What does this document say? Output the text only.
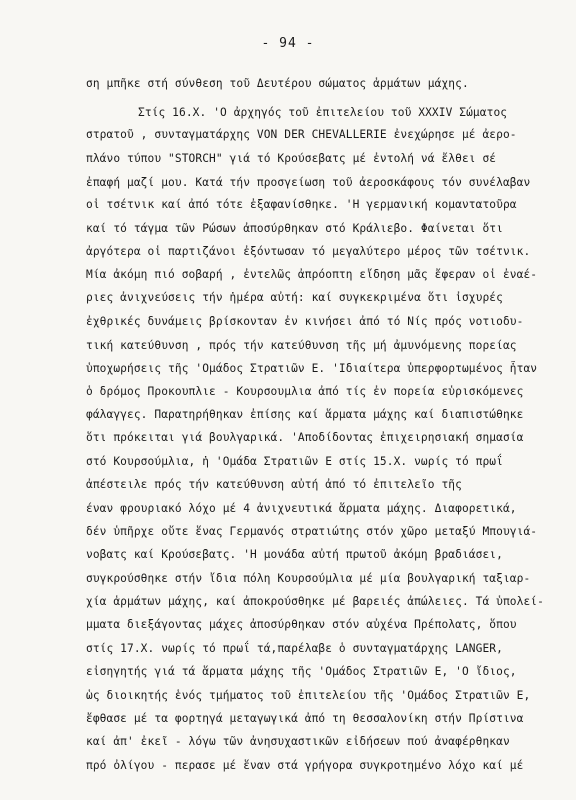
- 94 -
ση μπῆκε στή σύνθεση τοῦ Δευτέρου σώματος ἁρμάτων μάχης.
Στίς 16.Χ. 'Ο ἀρχηγός τοῦ ἐπιτελείου τοῦ XXXIV Σώματος
στρατοῦ , συνταγματάρχης VON DER CHEVALLERIE ἐνεχώρησε μέ ἀερο-
πλάνο τύπου "STORCH" γιά τό Κρούσεβατς μέ ἐντολή νά ἔλθει σέ
ἐπαφή μαζί μου. Κατά τήν προσγείωση τοῦ ἀεροσκάφους τόν συνέλαβαν
οἱ τσέτνικ καί ἀπό τότε ἐξαφανίσθηκε. 'Η γερμανική κομαντατοῦρα
καί τό τάγμα τῶν Ρώσων ἀποσύρθηκαν στό Κράλιεβο. Φαίνεται ὅτι
ἀργότερα οἱ παρτιζάνοι ἐξόντωσαν τό μεγαλύτερο μέρος τῶν τσέτνικ.
Μία ἀκόμη πιό σοβαρή , ἐντελῶς ἀπρόοπτη εἴδηση μᾶς ἔφεραν οἱ ἐναέ-
ριες ἀνιχνεύσεις τήν ἡμέρα αὐτή: καί συγκεκριμένα ὅτι ἰσχυρές
ἐχθρικές δυνάμεις βρίσκονταν ἐν κινήσει ἀπό τό Νίς πρός νοτιοδυ-
τική κατεύθυνση , πρός τήν κατεύθυνση τῆς μή ἀμυνόμενης πορείας
ὑποχωρήσεις τῆς 'Ομάδος Στρατιῶν Ε. 'Ιδιαίτερα ὑπερφορτωμένος ἦταν
ὁ δρόμος Προκουπλιε - Κουρσουμλια ἀπό τίς ἐν πορεία εὑρισκόμενες
φάλαγγες. Παρατηρήθηκαν ἐπίσης καί ἅρματα μάχης καί διαπιστώθηκε
ὅτι πρόκειται γιά βουλγαρικά. 'Αποδίδοντας ἐπιχειρησιακή σημασία
στό Κουρσούμλια, ἡ 'Ομάδα Στρατιῶν Ε στίς 15.Χ. νωρίς τό πρωΐ
ἀπέστειλε πρός τήν κατεύθυνση αὐτή ἀπό τό ἐπιτελεῖο τῆς
έναν φρουριακό λόχο μέ 4 ἀνιχνευτικά ἅρματα μάχης. Διαφορετικά,
δέν ὑπῆρχε οὔτε ἕνας Γερμανός στρατιώτης στόν χῶρο μεταξύ Μπουγιά-
νοβατς καί Κρούσεβατς. 'Η μονάδα αὐτή πρωτοῦ ἀκόμη βραδιάσει,
συγκρούσθηκε στήν ἴδια πόλη Κουρσούμλια μέ μία βουλγαρική ταξιαρ-
χία ἁρμάτων μάχης, καί ἀποκρούσθηκε μέ βαρειές ἀπώλειες. Τά ὑπολεί-
μματα διεξάγοντας μάχες ἀποσύρθηκαν στόν αὐχένα Πρέπολατς, ὅπου
στίς 17.Χ. νωρίς τό πρωΐ τά,παρέλαβε ὁ συνταγματάρχης LANGER,
εἰσηγητής γιά τά ἅρματα μάχης τῆς 'Ομάδος Στρατιῶν Ε, 'Ο ἴδιος,
ὡς διοικητής ἑνός τμήματος τοῦ ἐπιτελείου τῆς 'Ομάδος Στρατιῶν Ε,
ἔφθασε μέ τα φορτηγά μεταγωγικά ἀπό τη θεσσαλονίκη στήν Πρίστινα
καί ἀπ' ἐκεῖ - λόγω τῶν ἀνησυχαστικῶν εἰδήσεων πού ἀναφέρθηκαν
πρό ὀλίγου - περασε μέ ἕναν στά γρήγορα συγκροτημένο λόχο καί μέ
